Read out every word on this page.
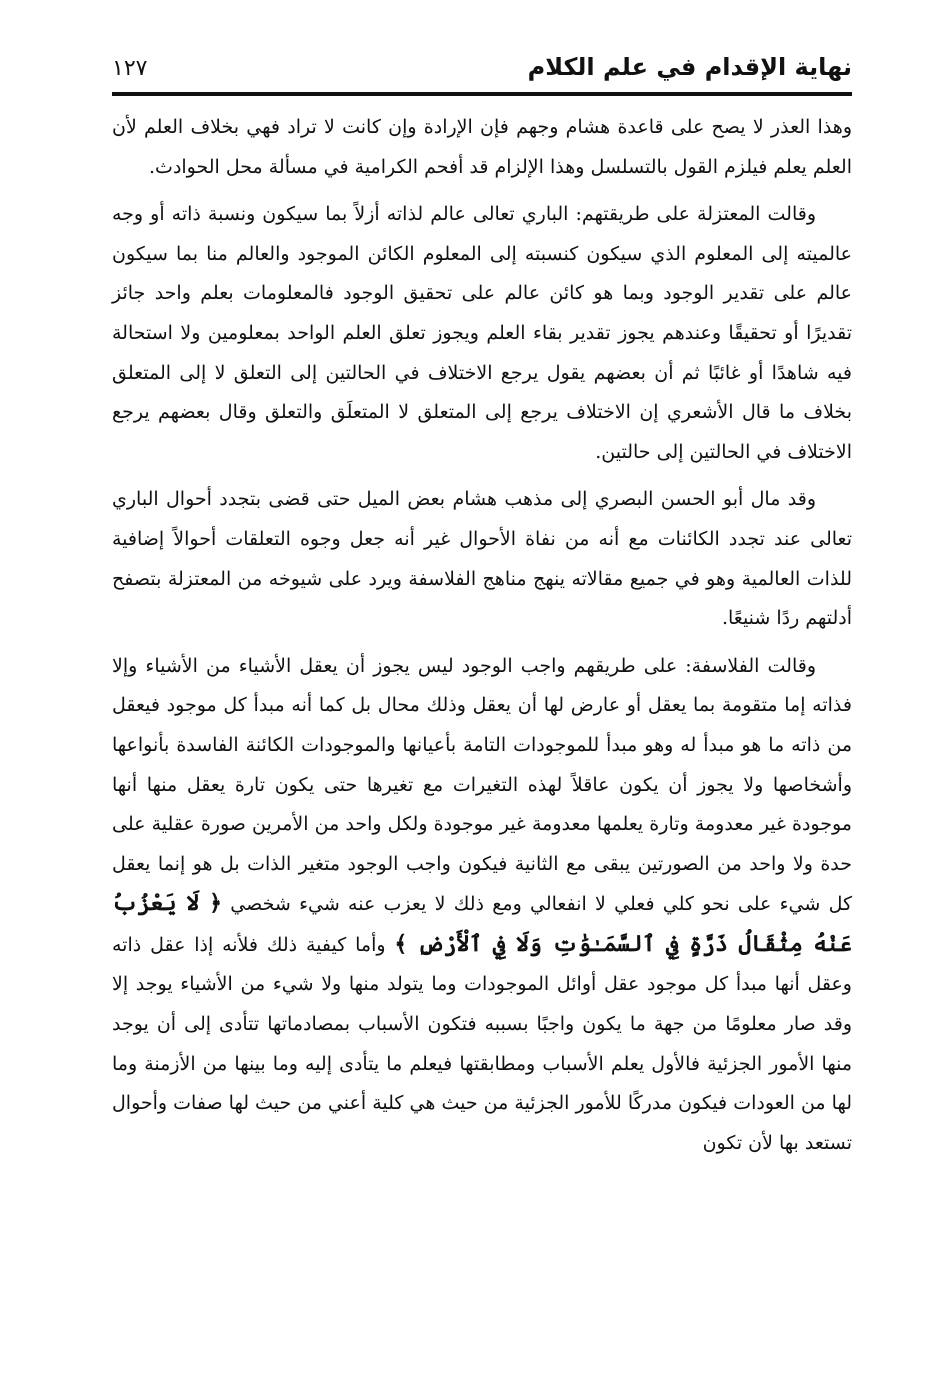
نهاية الإقدام في علم الكلام
١٢٧

وهذا العذر لا يصح على قاعدة هشام وجهم فإن الإرادة وإن كانت لا تراد فهي بخلاف العلم لأن العلم يعلم فيلزم القول بالتسلسل وهذا الإلزام قد أفحم الكرامية في مسألة محل الحوادث.

وقالت المعتزلة على طريقتهم: الباري تعالى عالم لذاته أزلاً بما سيكون ونسبة ذاته أو وجه عالميته إلى المعلوم الذي سيكون كنسبته إلى المعلوم الكائن الموجود والعالم منا بما سيكون عالم على تقدير الوجود وبما هو كائن عالم على تحقيق الوجود فالمعلومات بعلم واحد جائز تقديرًا أو تحقيقًا وعندهم يجوز تقدير بقاء العلم ويجوز تعلق العلم الواحد بمعلومين ولا استحالة فيه شاهدًا أو غائبًا ثم أن بعضهم يقول يرجع الاختلاف في الحالتين إلى التعلق لا إلى المتعلق بخلاف ما قال الأشعري إن الاختلاف يرجع إلى المتعلق لا المتعلَق والتعلق وقال بعضهم يرجع الاختلاف في الحالتين إلى حالتين.

وقد مال أبو الحسن البصري إلى مذهب هشام بعض الميل حتى قضى بتجدد أحوال الباري تعالى عند تجدد الكائنات مع أنه من نفاة الأحوال غير أنه جعل وجوه التعلقات أحوالاً إضافية للذات العالمية وهو في جميع مقالاته ينهج مناهج الفلاسفة ويرد على شيوخه من المعتزلة بتصفح أدلتهم ردًا شنيعًا.

وقالت الفلاسفة: على طريقهم واجب الوجود ليس يجوز أن يعقل الأشياء من الأشياء وإلا فذاته إما متقومة بما يعقل أو عارض لها أن يعقل وذلك محال بل كما أنه مبدأ كل موجود فيعقل من ذاته ما هو مبدأ له وهو مبدأ للموجودات التامة بأعيانها والموجودات الكائنة الفاسدة بأنواعها وأشخاصها ولا يجوز أن يكون عاقلاً لهذه التغيرات مع تغيرها حتى يكون تارة يعقل منها أنها موجودة غير معدومة وتارة يعلمها معدومة غير موجودة ولكل واحد من الأمرين صورة عقلية على حدة ولا واحد من الصورتين يبقى مع الثانية فيكون واجب الوجود متغير الذات بل هو إنما يعقل كل شيء على نحو كلي فعلي لا انفعالي ومع ذلك لا يعزب عنه شيء شخصي ﴿ لَا يَعْزُبُ عَنْهُ مِثْقَالُ ذَرَّةٍ فِي ٱلسَّمَـٰوَٰتِ وَلَا فِي ٱلْأَرْضِ ﴾ وأما كيفية ذلك فلأنه إذا عقل ذاته وعقل أنها مبدأ كل موجود عقل أوائل الموجودات وما يتولد منها ولا شيء من الأشياء يوجد إلا وقد صار معلومًا من جهة ما يكون واجبًا بسببه فتكون الأسباب بمصادماتها تتأدى إلى أن يوجد منها الأمور الجزئية فالأول يعلم الأسباب ومطابقتها فيعلم ما يتأدى إليه وما بينها من الأزمنة وما لها من العودات فيكون مدركًا للأمور الجزئية من حيث هي كلية أعني من حيث لها صفات وأحوال تستعد بها لأن تكون
